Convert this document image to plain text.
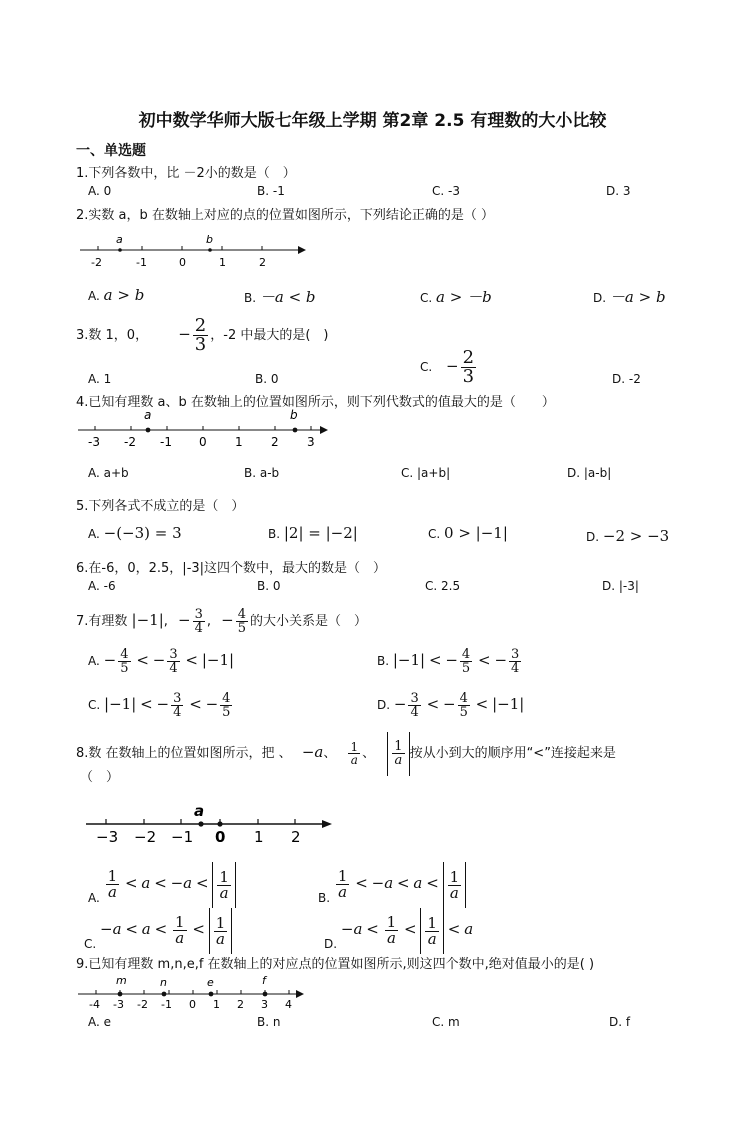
初中数学华师大版七年级上学期 第2章 2.5 有理数的大小比较
一、单选题
1.下列各数中，比 －2小的数是（　）
A. 0	B. -1	C. -3	D. 3
2.实数 a，b 在数轴上对应的点的位置如图所示，下列结论正确的是（ ）
a	b
-2	-1	0	1	2
A. a > b	B. －a < b	C. a > －b	D. －a > b
3.数 1，0， − $\frac{2}{3}$ ，-2 中最大的是(　)
A. 1	B. 0
C. − $\frac{2}{3}$	D. -2
4.已知有理数 a、b 在数轴上的位置如图所示，则下列代数式的值最大的是（　　）
a	b
-3 -2 -1 0 1 2 3
A. a+b	B. a-b	C. |a+b|	D. |a-b|
5.下列各式不成立的是（　）
A. −(−3) = 3	B. |2| = |−2|	C. 0 > |−1|	D. −2 > −3
6.在-6，0，2.5，|-3|这四个数中，最大的数是（　）
A. -6	B. 0	C. 2.5	D. |-3|
7.有理数 |−1|, − $\frac{3}{4}$ , − $\frac{4}{5}$ 的大小关系是（　）
A. − $\frac{4}{5}$ < − $\frac{3}{4} < |-1|$	B. |−1| < − $\frac{4}{5}$ < − $\frac{3}{4}$
C. |−1| < − $\frac{3}{4}$ < − $\frac{4}{5}$	D. − $\frac{3}{4}$ < − $\frac{4}{5} < |-1|$
8.数 在数轴上的位置如图所示，把 、 −a、 $\frac{1}{a}$ 、 $\frac{1}{a}$ 按从小到大的顺序用“<”连接起来是
（　）
a
−3 −2 −1 0 1 2
A. $\frac{1}{a} < a < -a < \frac{1}{a}$	B. $\frac{1}{a} < -a < a < \frac{1}{a}$
C. $-a < a < \frac{1}{a} < \frac{1}{a}$	D. $-a < \frac{1}{a} < \frac{1}{a} < a$
9.已知有理数 m,n,e,f 在数轴上的对应点的位置如图所示,则这四个数中,绝对值最小的是( )
m	n	e	f
-4 -3 -2 -1 0 1 2 3 4
A. e	B. n	C. m	D. f
